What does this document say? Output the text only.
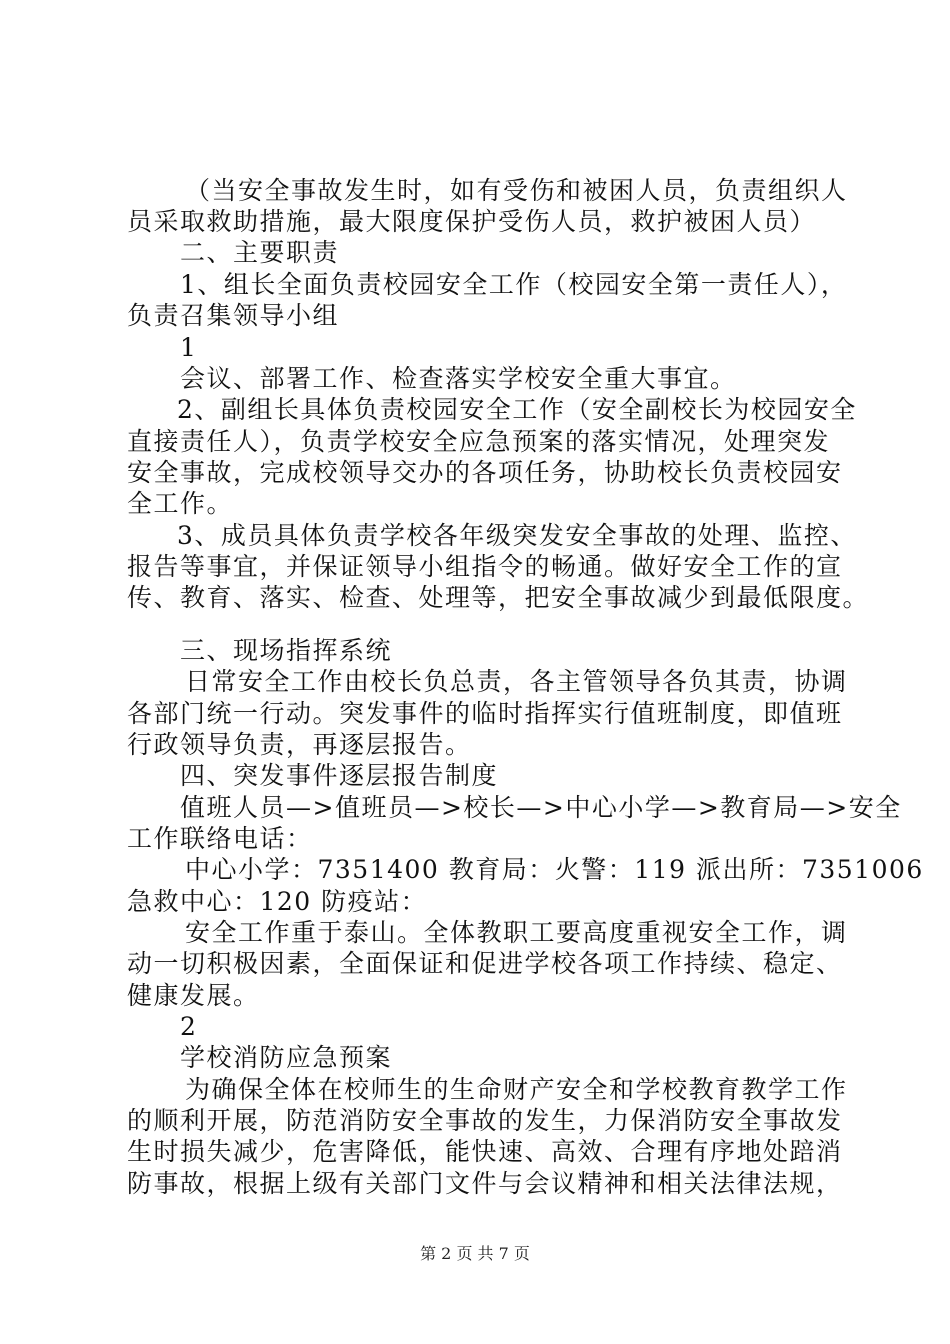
（当安全事故发生时，如有受伤和被困人员，负责组织人
员采取救助措施，最大限度保护受伤人员，救护被困人员）
二、主要职责
1、组长全面负责校园安全工作（校园安全第一责任人），
负责召集领导小组
1
会议、部署工作、检查落实学校安全重大事宜。
2、副组长具体负责校园安全工作（安全副校长为校园安全
直接责任人），负责学校安全应急预案的落实情况，处理突发
安全事故，完成校领导交办的各项任务，协助校长负责校园安
全工作。
3、成员具体负责学校各年级突发安全事故的处理、监控、
报告等事宜，并保证领导小组指令的畅通。做好安全工作的宣
传、教育、落实、检查、处理等，把安全事故减少到最低限度。
三、现场指挥系统
日常安全工作由校长负总责，各主管领导各负其责，协调
各部门统一行动。突发事件的临时指挥实行值班制度，即值班
行政领导负责，再逐层报告。
四、突发事件逐层报告制度
值班人员—>值班员—>校长—>中心小学—>教育局—>安全
工作联络电话：
中心小学：7351400 教育局：火警：119 派出所：7351006
急救中心：120 防疫站：
安全工作重于泰山。全体教职工要高度重视安全工作，调
动一切积极因素，全面保证和促进学校各项工作持续、稳定、
健康发展。
2
学校消防应急预案
为确保全体在校师生的生命财产安全和学校教育教学工作
的顺利开展，防范消防安全事故的发生，力保消防安全事故发
生时损失减少，危害降低，能快速、高效、合理有序地处踣消
防事故，根据上级有关部门文件与会议精神和相关法律法规，
第 2 页 共 7 页
